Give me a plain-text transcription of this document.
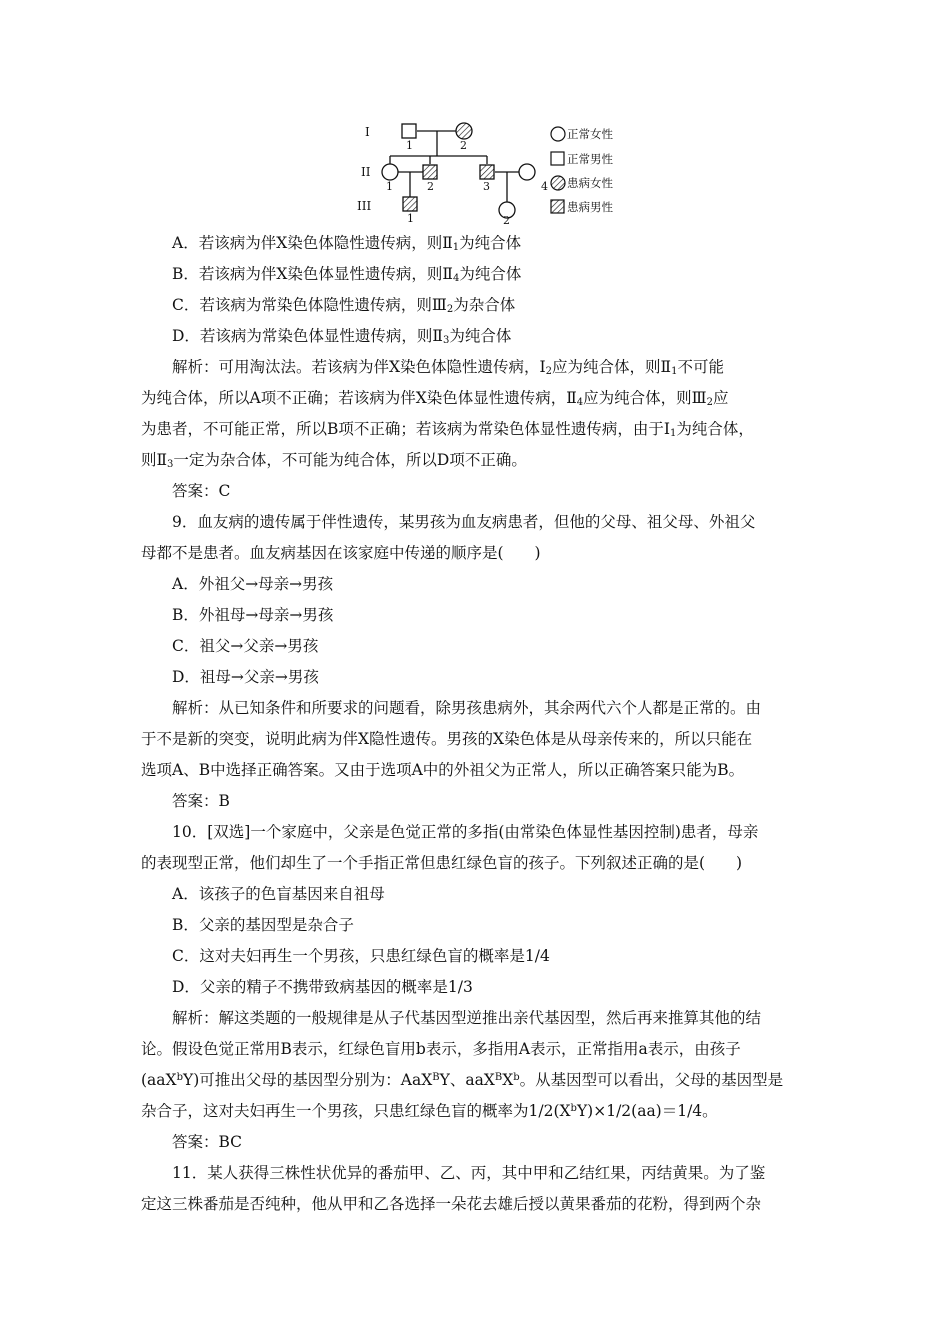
I
II
III
1	2
1	2	3	4
1	2
正常女性
正常男性
患病女性
患病男性
A．若该病为伴X染色体隐性遗传病，则$Ⅱ_1$为纯合体
B．若该病为伴X染色体显性遗传病，则$Ⅱ_4$为纯合体
C．若该病为常染色体隐性遗传病，则$Ⅲ_2$为杂合体
D．若该病为常染色体显性遗传病，则$Ⅱ_3$为纯合体
解析：可用淘汰法。若该病为伴X染色体隐性遗传病，$Ⅰ_2$应为纯合体，则$Ⅱ_1$不可能
为纯合体，所以A项不正确；若该病为伴X染色体显性遗传病，$Ⅱ_4$应为纯合体，则$Ⅲ_2$应
为患者，不可能正常，所以B项不正确；若该病为常染色体显性遗传病，由于$Ⅰ_1$为纯合体，
则$Ⅱ_3$一定为杂合体，不可能为纯合体，所以D项不正确。
答案：C
9．血友病的遗传属于伴性遗传，某男孩为血友病患者，但他的父母、祖父母、外祖父
母都不是患者。血友病基因在该家庭中传递的顺序是(　　)
A．外祖父→母亲→男孩
B．外祖母→母亲→男孩
C．祖父→父亲→男孩
D．祖母→父亲→男孩
解析：从已知条件和所要求的问题看，除男孩患病外，其余两代六个人都是正常的。由
于不是新的突变，说明此病为伴X隐性遗传。男孩的X染色体是从母亲传来的，所以只能在
选项A、B中选择正确答案。又由于选项A中的外祖父为正常人，所以正确答案只能为B。
答案：B
10．[双选]一个家庭中，父亲是色觉正常的多指(由常染色体显性基因控制)患者，母亲
的表现型正常，他们却生了一个手指正常但患红绿色盲的孩子。下列叙述正确的是(　　)
A．该孩子的色盲基因来自祖母
B．父亲的基因型是杂合子
C．这对夫妇再生一个男孩，只患红绿色盲的概率是1/4
D．父亲的精子不携带致病基因的概率是1/3
解析：解这类题的一般规律是从子代基因型逆推出亲代基因型，然后再来推算其他的结
论。假设色觉正常用B表示，红绿色盲用b表示，多指用A表示，正常指用a表示，由孩子
(aaX$^b$Y)可推出父母的基因型分别为：AaX$^B$Y、$aaX^BX^b$。从基因型可以看出，父母的基因型是
杂合子，这对夫妇再生一个男孩，只患红绿色盲的概率为$1/2(X^bY)\times 1/2(aa)=1/4$。
答案：BC
11．某人获得三株性状优异的番茄甲、乙、丙，其中甲和乙结红果，丙结黄果。为了鉴
定这三株番茄是否纯种，他从甲和乙各选择一朵花去雄后授以黄果番茄的花粉，得到两个杂
